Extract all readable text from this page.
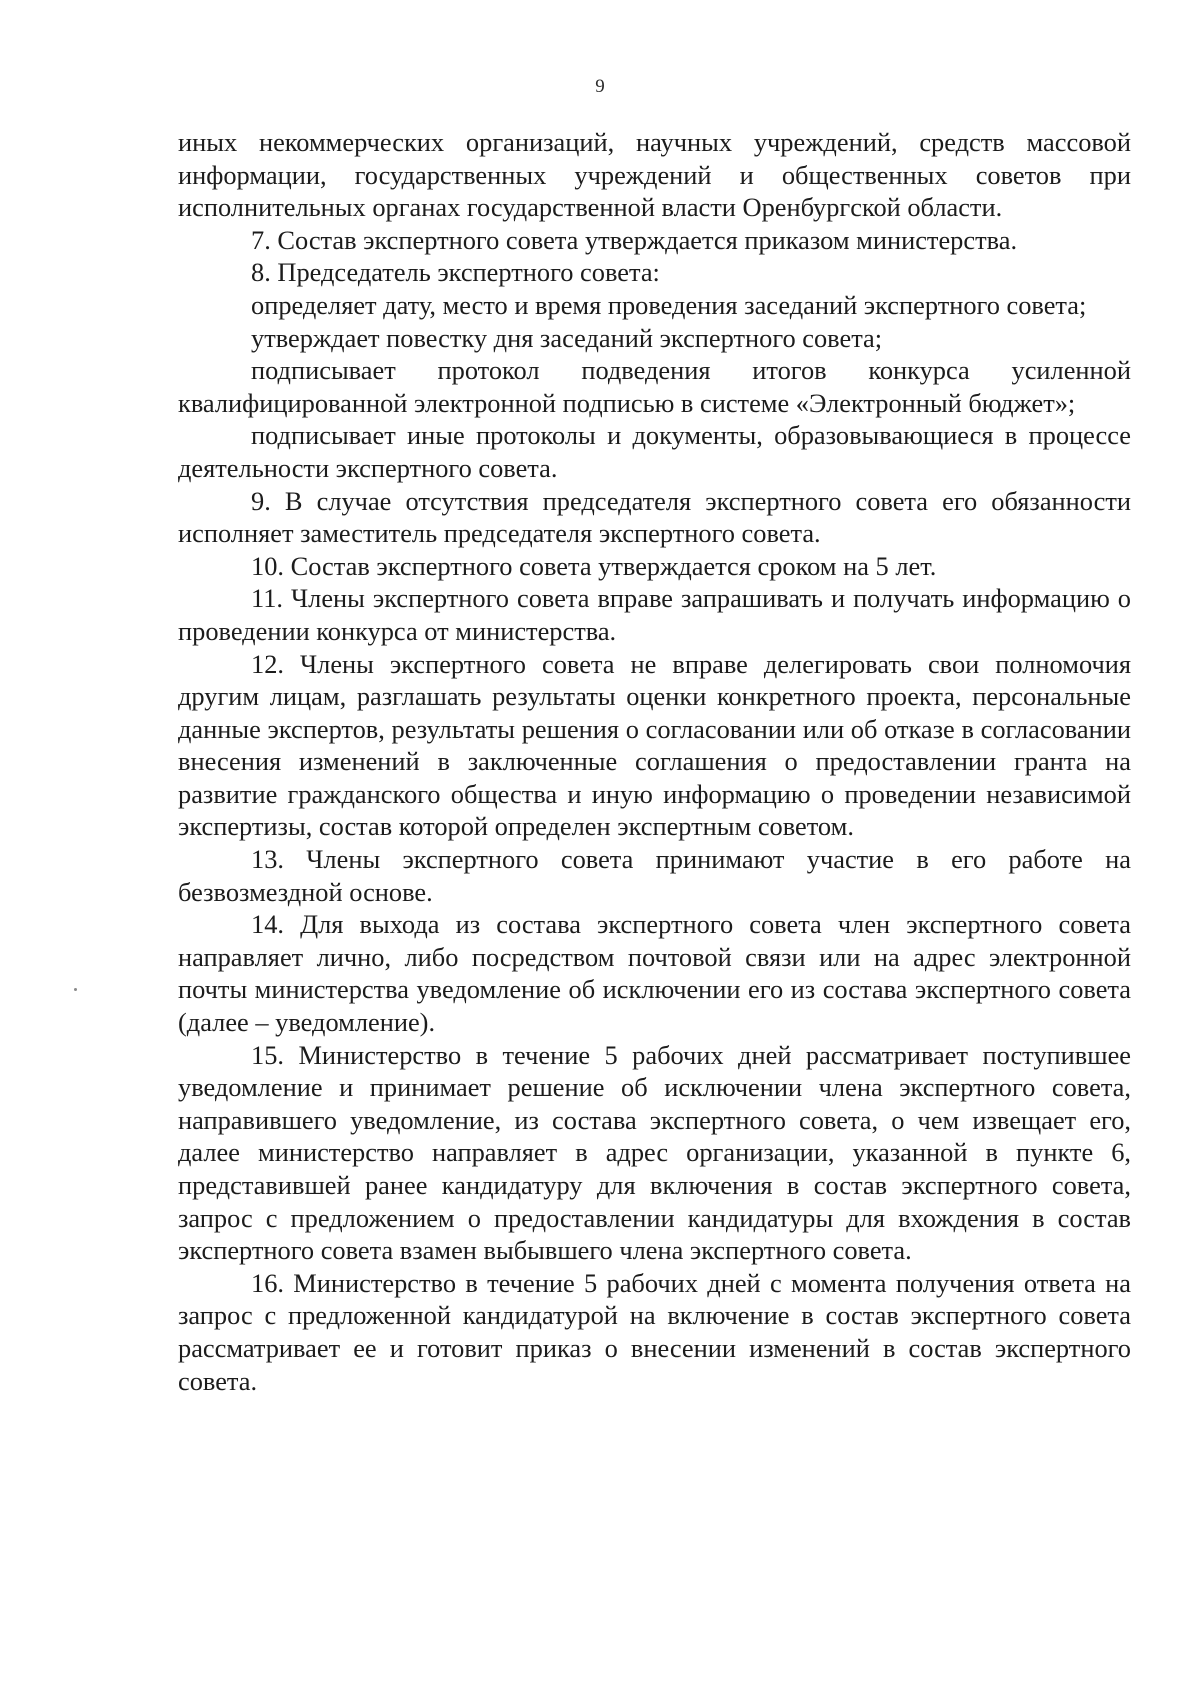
9

иных некоммерческих организаций, научных учреждений, средств массовой информации, государственных учреждений и общественных советов при исполнительных органах государственной власти Оренбургской области.

7. Состав экспертного совета утверждается приказом министерства.

8. Председатель экспертного совета:

определяет дату, место и время проведения заседаний экспертного совета;

утверждает повестку дня заседаний экспертного совета;

подписывает протокол подведения итогов конкурса усиленной квалифицированной электронной подписью в системе «Электронный бюджет»;

подписывает иные протоколы и документы, образовывающиеся в процессе деятельности экспертного совета.

9. В случае отсутствия председателя экспертного совета его обязанности исполняет заместитель председателя экспертного совета.

10. Состав экспертного совета утверждается сроком на 5 лет.

11. Члены экспертного совета вправе запрашивать и получать информацию о проведении конкурса от министерства.

12. Члены экспертного совета не вправе делегировать свои полномочия другим лицам, разглашать результаты оценки конкретного проекта, персональные данные экспертов, результаты решения о согласовании или об отказе в согласовании внесения изменений в заключенные соглашения о предоставлении гранта на развитие гражданского общества и иную информацию о проведении независимой экспертизы, состав которой определен экспертным советом.

13. Члены экспертного совета принимают участие в его работе на безвозмездной основе.

14. Для выхода из состава экспертного совета член экспертного совета направляет лично, либо посредством почтовой связи или на адрес электронной почты министерства уведомление об исключении его из состава экспертного совета (далее – уведомление).

15. Министерство в течение 5 рабочих дней рассматривает поступившее уведомление и принимает решение об исключении члена экспертного совета, направившего уведомление, из состава экспертного совета, о чем извещает его, далее министерство направляет в адрес организации, указанной в пункте 6, представившей ранее кандидатуру для включения в состав экспертного совета, запрос с предложением о предоставлении кандидатуры для вхождения в состав экспертного совета взамен выбывшего члена экспертного совета.

16. Министерство в течение 5 рабочих дней с момента получения ответа на запрос с предложенной кандидатурой на включение в состав экспертного совета рассматривает ее и готовит приказ о внесении изменений в состав экспертного совета.
